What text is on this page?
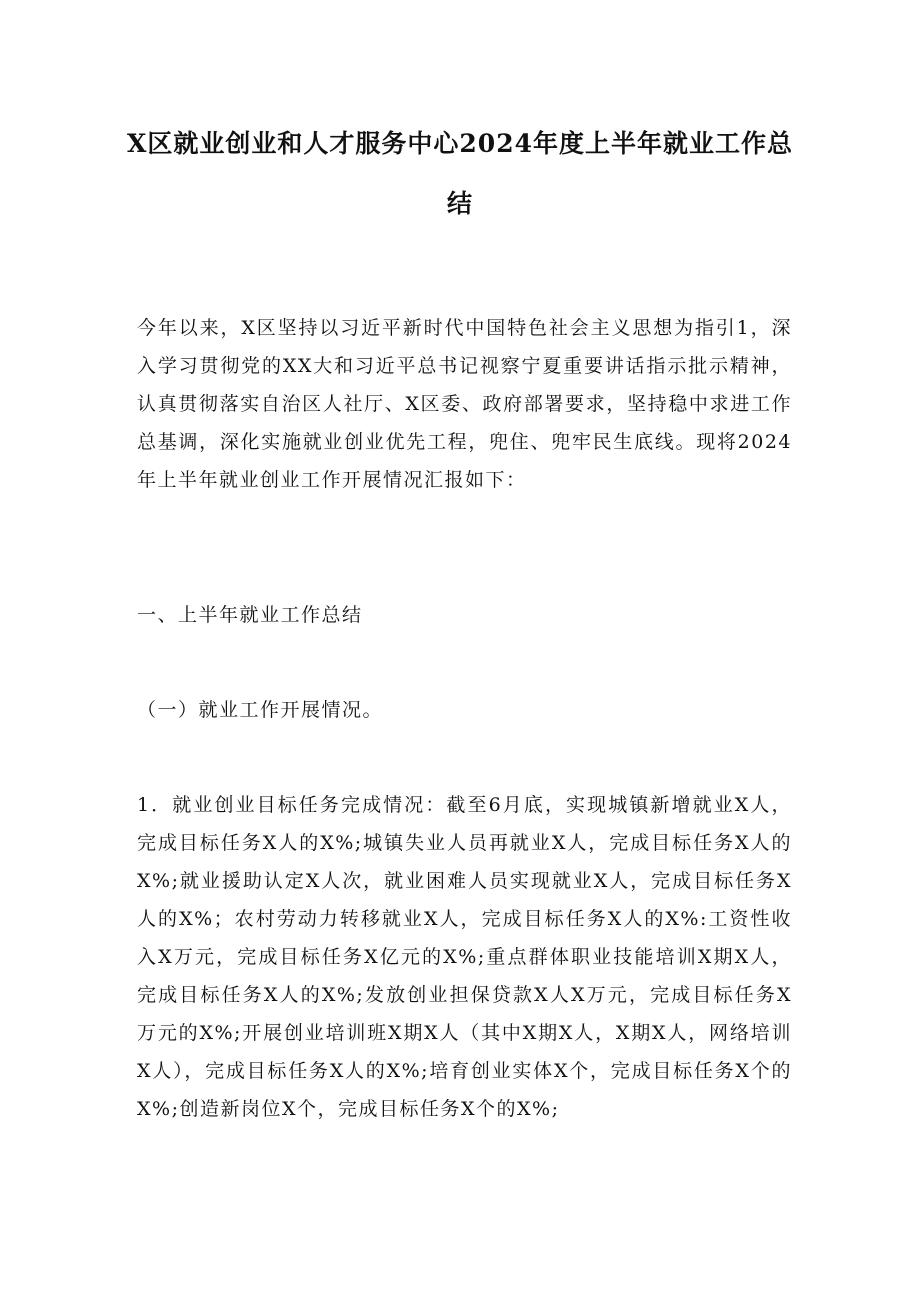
X区就业创业和人才服务中心2024年度上半年就业工作总
结
今年以来，X区坚持以习近平新时代中国特色社会主义思想为指引1，深入学习贯彻党的XX大和习近平总书记视察宁夏重要讲话指示批示精神，认真贯彻落实自治区人社厅、X区委、政府部署要求，坚持稳中求进工作总基调，深化实施就业创业优先工程，兜住、兜牢民生底线。现将2024年上半年就业创业工作开展情况汇报如下：
一、上半年就业工作总结
（一）就业工作开展情况。
1．就业创业目标任务完成情况：截至6月底，实现城镇新增就业X人，完成目标任务X人的X%;城镇失业人员再就业X人，完成目标任务X人的X%;就业援助认定X人次，就业困难人员实现就业X人，完成目标任务X人的X%；农村劳动力转移就业X人，完成目标任务X人的X%:工资性收入X万元，完成目标任务X亿元的X%;重点群体职业技能培训X期X人，完成目标任务X人的X%;发放创业担保贷款X人X万元，完成目标任务X万元的X%;开展创业培训班X期X人（其中X期X人，X期X人，网络培训X人），完成目标任务X人的X%;培育创业实体X个，完成目标任务X个的X%;创造新岗位X个，完成目标任务X个的X%;
